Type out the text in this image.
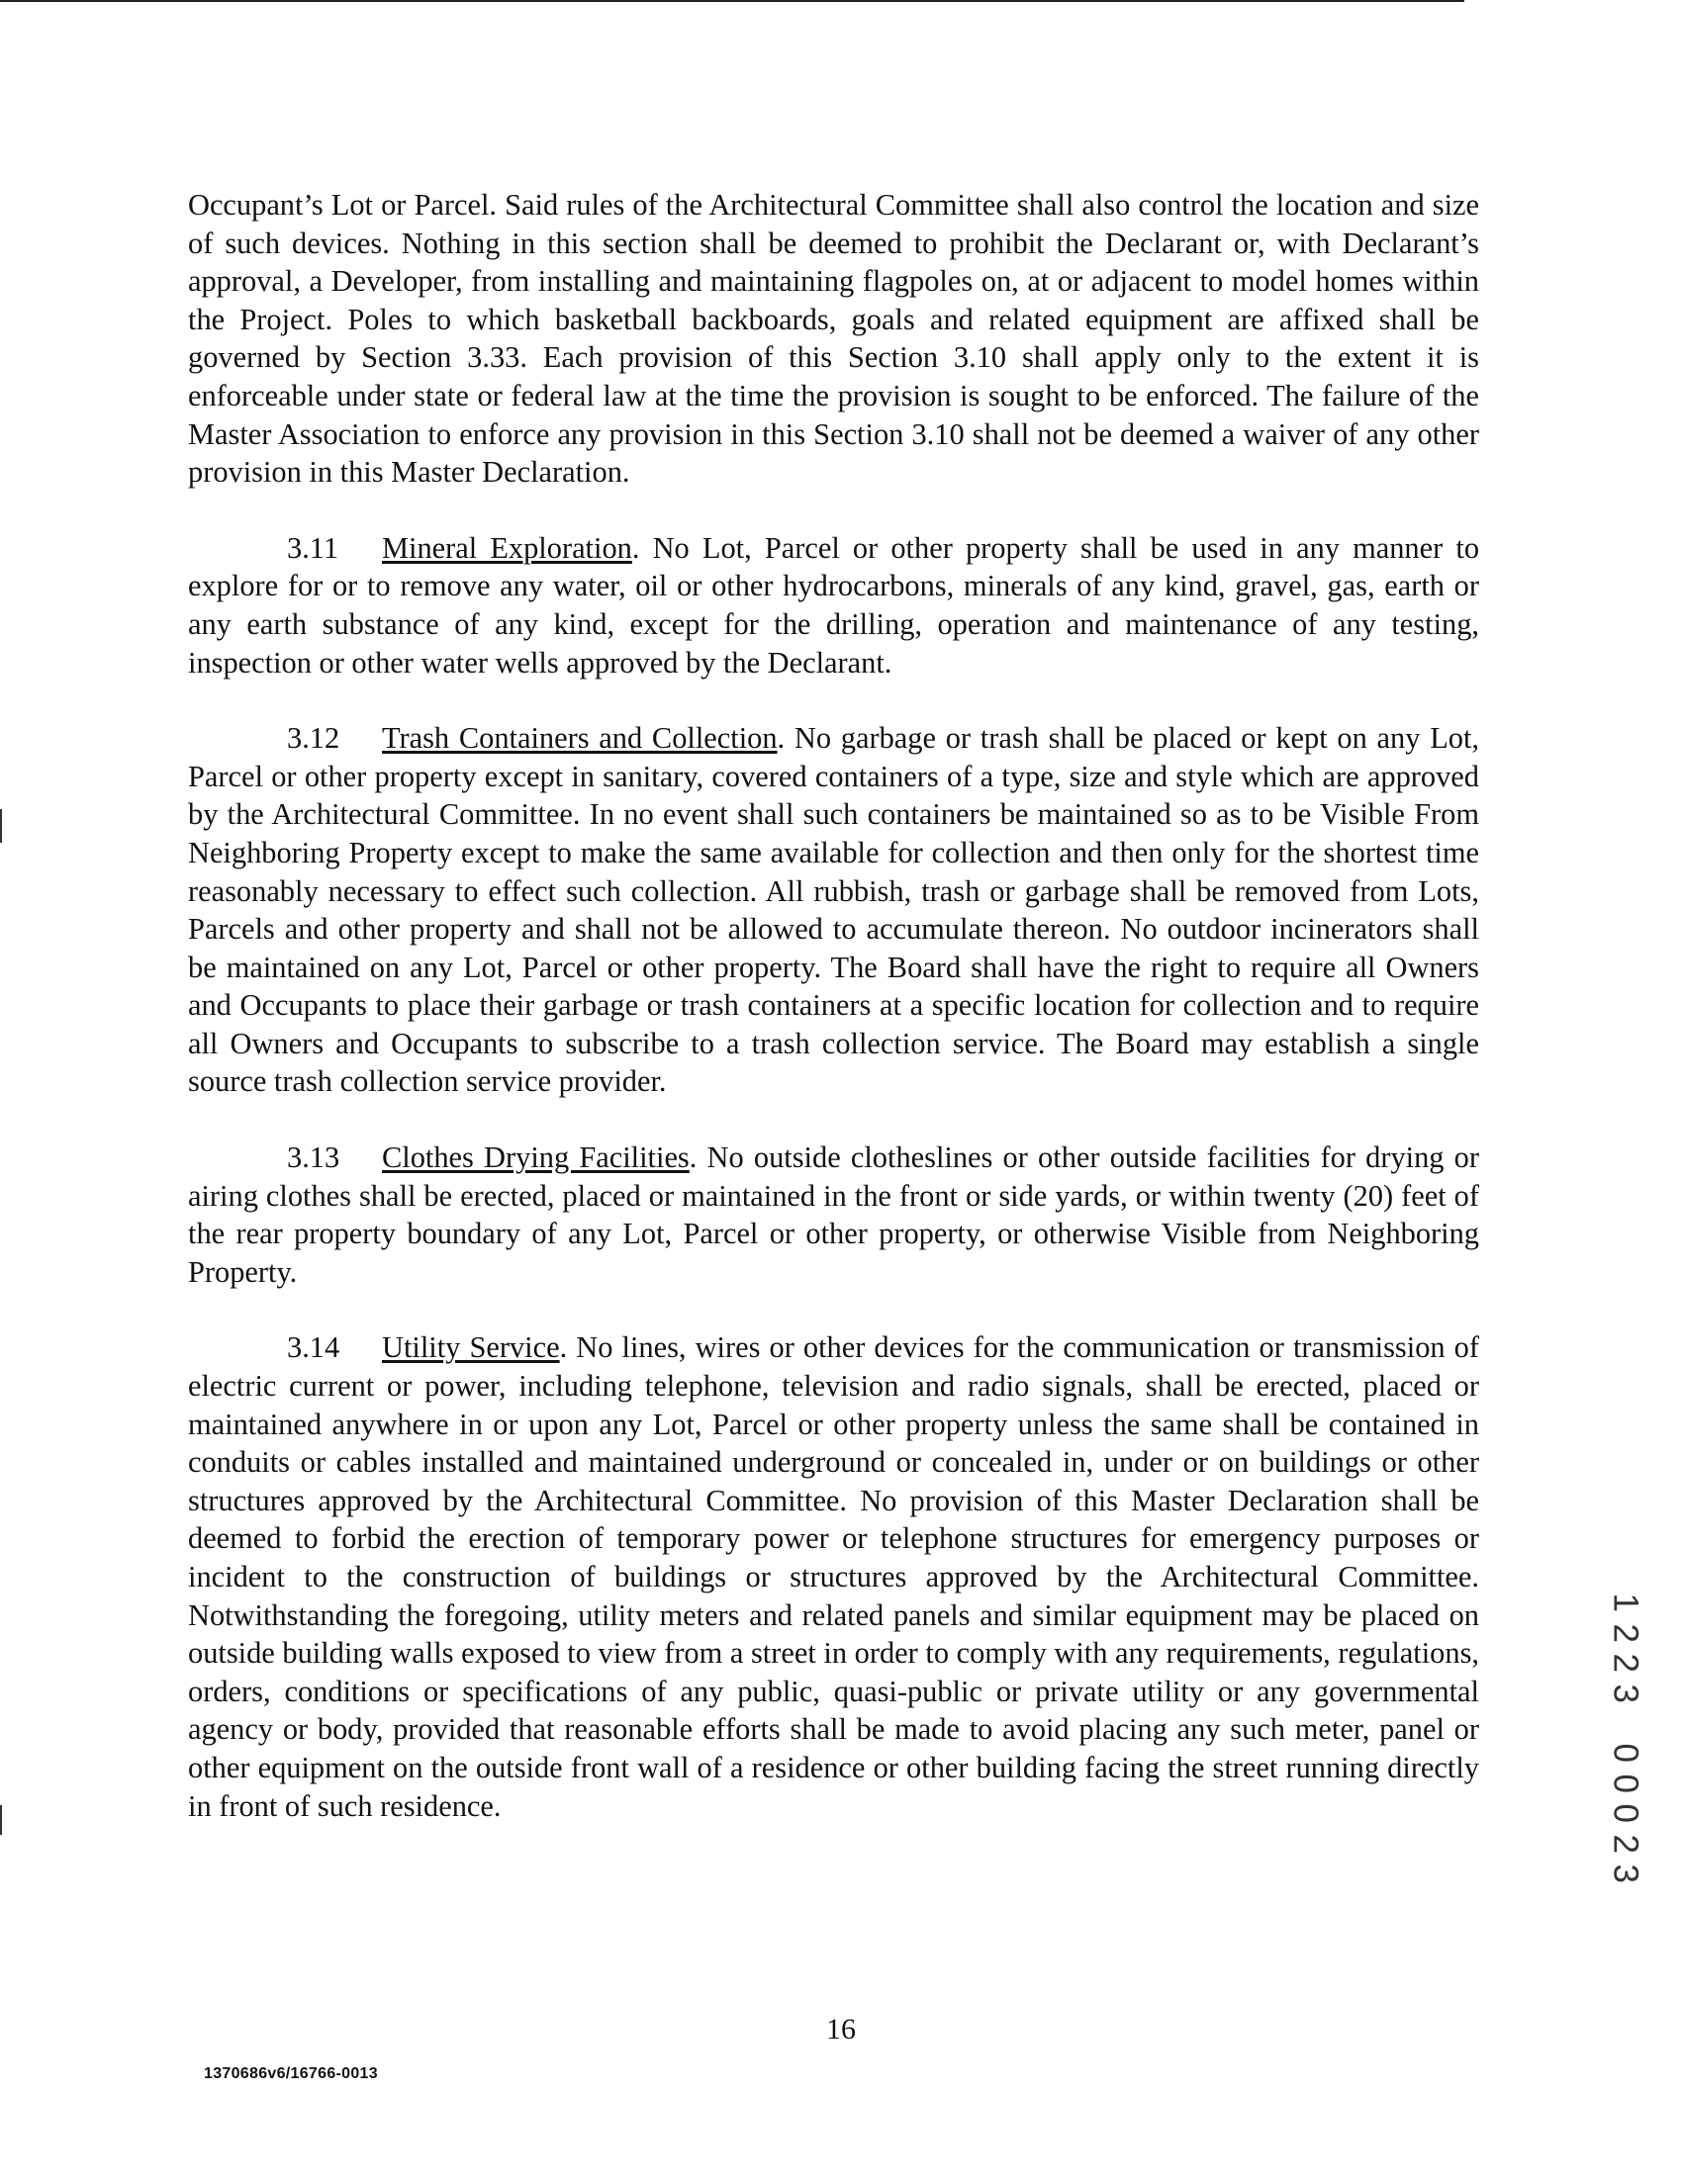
Occupant’s Lot or Parcel. Said rules of the Architectural Committee shall also control the location and size of such devices. Nothing in this section shall be deemed to prohibit the Declarant or, with Declarant’s approval, a Developer, from installing and maintaining flagpoles on, at or adjacent to model homes within the Project. Poles to which basketball backboards, goals and related equipment are affixed shall be governed by Section 3.33. Each provision of this Section 3.10 shall apply only to the extent it is enforceable under state or federal law at the time the provision is sought to be enforced. The failure of the Master Association to enforce any provision in this Section 3.10 shall not be deemed a waiver of any other provision in this Master Declaration.

3.11 Mineral Exploration. No Lot, Parcel or other property shall be used in any manner to explore for or to remove any water, oil or other hydrocarbons, minerals of any kind, gravel, gas, earth or any earth substance of any kind, except for the drilling, operation and maintenance of any testing, inspection or other water wells approved by the Declarant.

3.12 Trash Containers and Collection. No garbage or trash shall be placed or kept on any Lot, Parcel or other property except in sanitary, covered containers of a type, size and style which are approved by the Architectural Committee. In no event shall such containers be maintained so as to be Visible From Neighboring Property except to make the same available for collection and then only for the shortest time reasonably necessary to effect such collection. All rubbish, trash or garbage shall be removed from Lots, Parcels and other property and shall not be allowed to accumulate thereon. No outdoor incinerators shall be maintained on any Lot, Parcel or other property. The Board shall have the right to require all Owners and Occupants to place their garbage or trash containers at a specific location for collection and to require all Owners and Occupants to subscribe to a trash collection service. The Board may establish a single source trash collection service provider.

3.13 Clothes Drying Facilities. No outside clotheslines or other outside facilities for drying or airing clothes shall be erected, placed or maintained in the front or side yards, or within twenty (20) feet of the rear property boundary of any Lot, Parcel or other property, or otherwise Visible from Neighboring Property.

3.14 Utility Service. No lines, wires or other devices for the communication or transmission of electric current or power, including telephone, television and radio signals, shall be erected, placed or maintained anywhere in or upon any Lot, Parcel or other property unless the same shall be contained in conduits or cables installed and maintained underground or concealed in, under or on buildings or other structures approved by the Architectural Committee. No provision of this Master Declaration shall be deemed to forbid the erection of temporary power or telephone structures for emergency purposes or incident to the construction of buildings or structures approved by the Architectural Committee. Notwithstanding the foregoing, utility meters and related panels and similar equipment may be placed on outside building walls exposed to view from a street in order to comply with any requirements, regulations, orders, conditions or specifications of any public, quasi-public or private utility or any governmental agency or body, provided that reasonable efforts shall be made to avoid placing any such meter, panel or other equipment on the outside front wall of a residence or other building facing the street running directly in front of such residence.

16
1370686v6/16766-0013
1
2
2
3
0
0
0
2
3
